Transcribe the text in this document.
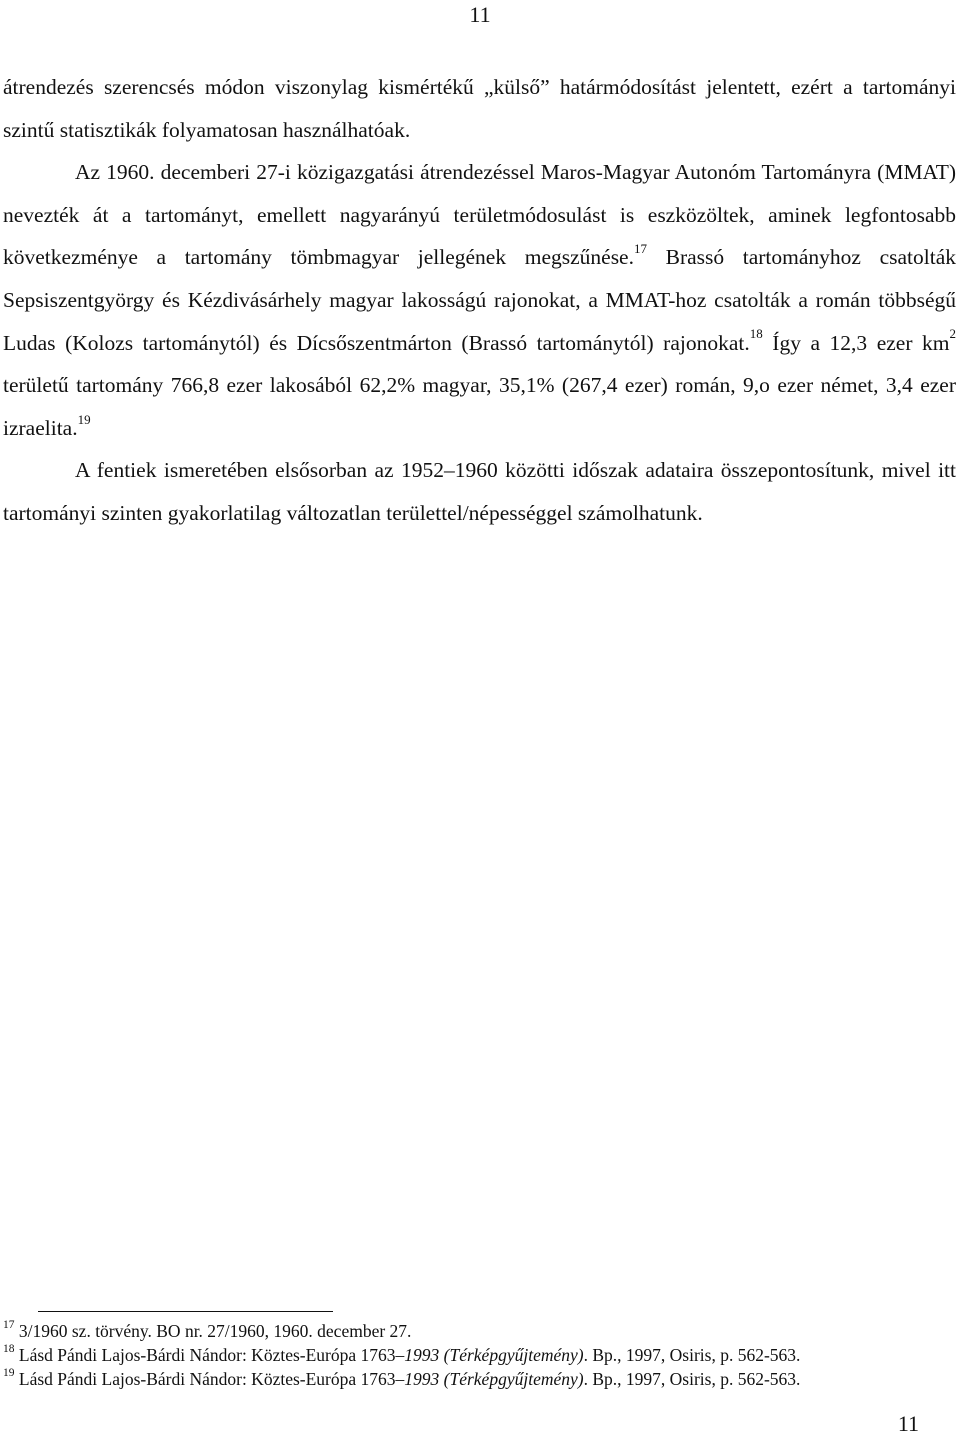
11

átrendezés szerencsés módon viszonylag kismértékű „külső” határmódosítást jelentett, ezért a tartományi szintű statisztikák folyamatosan használhatóak.

Az 1960. decemberi 27-i közigazgatási átrendezéssel Maros-Magyar Autonóm Tartományra (MMAT) nevezték át a tartományt, emellett nagyarányú területmódosulást is eszközöltek, aminek legfontosabb következménye a tartomány tömbmagyar jellegének megszűnése.$^{17}$ Brassó tartományhoz csatolták Sepsiszentgyörgy és Kézdivásárhely magyar lakosságú rajonokat, a MMAT-hoz csatolták a román többségű Ludas (Kolozs tartománytól) és Dícsőszentmárton (Brassó tartománytól) rajonokat.$^{18}$ Így a 12,3 ezer $km^2$ területű tartomány 766,8 ezer lakosából 62,2% magyar, 35,1% (267,4 ezer) román, 9,o ezer német, 3,4 ezer izraelita.$^{19}$

A fentiek ismeretében elsősorban az 1952‒1960 közötti időszak adataira összepontosítunk, mivel itt tartományi szinten gyakorlatilag változatlan területtel/népességgel számolhatunk.

$^{17}$ 3/1960 sz. törvény. BO nr. 27/1960, 1960. december 27.

$^{18}$ Lásd Pándi Lajos-Bárdi Nándor: Köztes-Európa 1763‒1993 (Térképgyűjtemény). Bp., 1997, Osiris, p. 562-563.

$^{19}$ Lásd Pándi Lajos-Bárdi Nándor: Köztes-Európa 1763‒1993 (Térképgyűjtemény). Bp., 1997, Osiris, p. 562-563.

11
